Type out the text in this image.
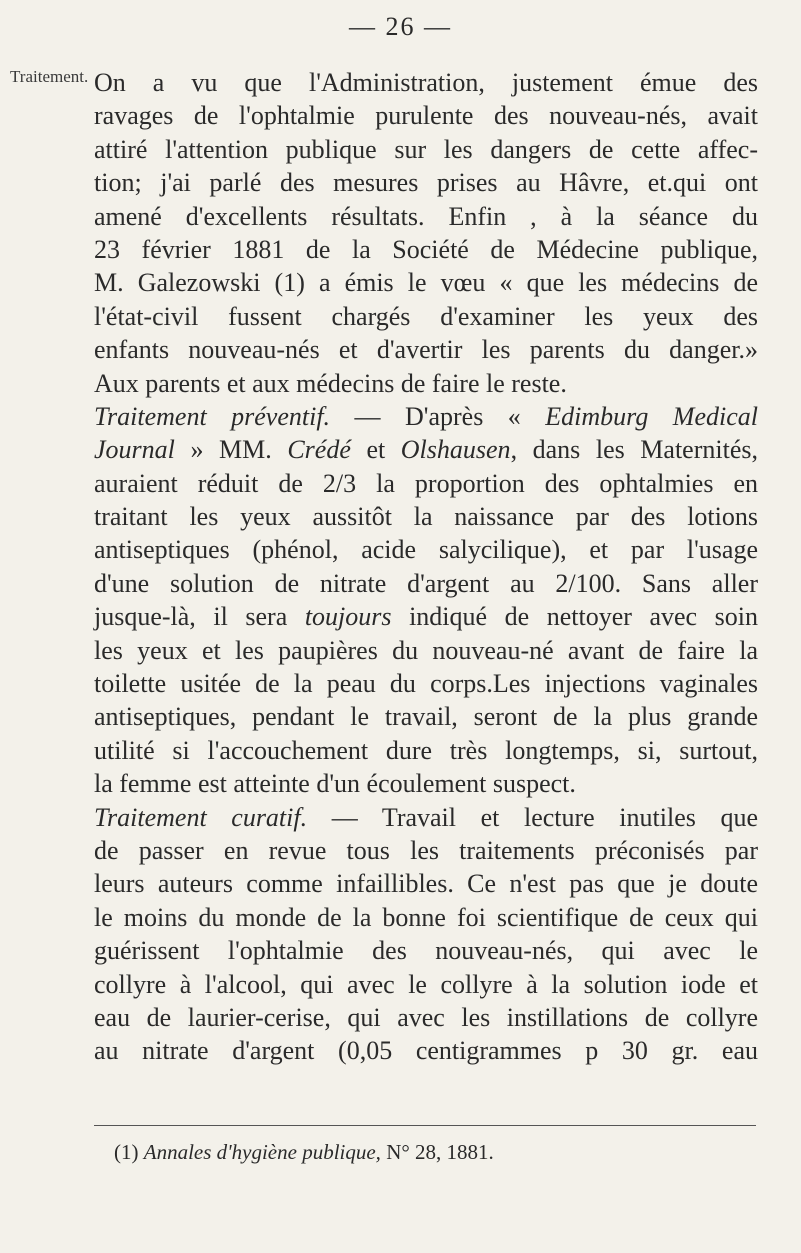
— 26 —
Traitement. On a vu que l'Administration, justement émue des
ravages de l'ophtalmie purulente des nouveau-nés, avait
attiré l'attention publique sur les dangers de cette affec-
tion; j'ai parlé des mesures prises au Hâvre, et.qui ont
amené d'excellents résultats. Enfin , à la séance du
23 février 1881 de la Société de Médecine publique,
M. Galezowski (1) a émis le vœu « que les médecins de
l'état-civil fussent chargés d'examiner les yeux des
enfants nouveau-nés et d'avertir les parents du danger.»
Aux parents et aux médecins de faire le reste.
Traitement préventif. — D'après « Edimburg Medical
Journal » MM. Crédé et Olshausen, dans les Maternités,
auraient réduit de 2/3 la proportion des ophtalmies en
traitant les yeux aussitôt la naissance par des lotions
antiseptiques (phénol, acide salycilique), et par l'usage
d'une solution de nitrate d'argent au 2/100. Sans aller
jusque-là, il sera toujours indiqué de nettoyer avec soin
les yeux et les paupières du nouveau-né avant de faire la
toilette usitée de la peau du corps.Les injections vaginales
antiseptiques, pendant le travail, seront de la plus grande
utilité si l'accouchement dure très longtemps, si, surtout,
la femme est atteinte d'un écoulement suspect.
Traitement curatif. — Travail et lecture inutiles que
de passer en revue tous les traitements préconisés par
leurs auteurs comme infaillibles. Ce n'est pas que je doute
le moins du monde de la bonne foi scientifique de ceux qui
guérissent l'ophtalmie des nouveau-nés, qui avec le
collyre à l'alcool, qui avec le collyre à la solution iode et
eau de laurier-cerise, qui avec les instillations de collyre
au nitrate d'argent (0,05 centigrammes p 30 gr. eau
(1) Annales d'hygiène publique, N° 28, 1881.
